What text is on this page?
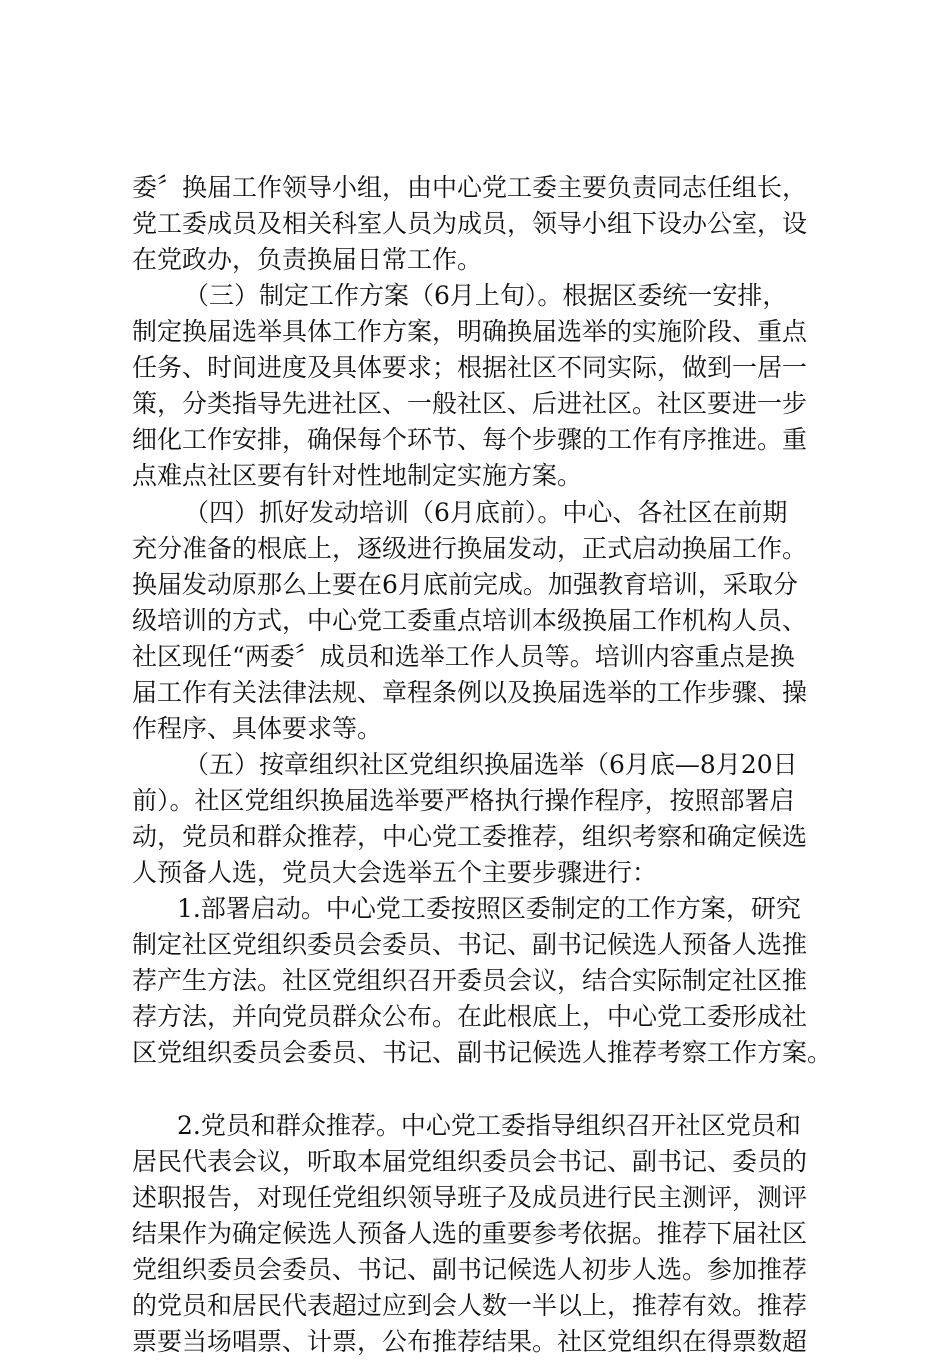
委〞换届工作领导小组，由中心党工委主要负责同志任组长，
党工委成员及相关科室人员为成员，领导小组下设办公室，设
在党政办，负责换届日常工作。
（三）制定工作方案（6月上旬）。根据区委统一安排，
制定换届选举具体工作方案，明确换届选举的实施阶段、重点
任务、时间进度及具体要求；根据社区不同实际，做到一居一
策，分类指导先进社区、一般社区、后进社区。社区要进一步
细化工作安排，确保每个环节、每个步骤的工作有序推进。重
点难点社区要有针对性地制定实施方案。
（四）抓好发动培训（6月底前）。中心、各社区在前期
充分准备的根底上，逐级进行换届发动，正式启动换届工作。
换届发动原那么上要在6月底前完成。加强教育培训，采取分
级培训的方式，中心党工委重点培训本级换届工作机构人员、
社区现任“两委〞成员和选举工作人员等。培训内容重点是换
届工作有关法律法规、章程条例以及换届选举的工作步骤、操
作程序、具体要求等。
（五）按章组织社区党组织换届选举（6月底—8月20日
前）。社区党组织换届选举要严格执行操作程序，按照部署启
动，党员和群众推荐，中心党工委推荐，组织考察和确定候选
人预备人选，党员大会选举五个主要步骤进行：
1.部署启动。中心党工委按照区委制定的工作方案，研究
制定社区党组织委员会委员、书记、副书记候选人预备人选推
荐产生方法。社区党组织召开委员会议，结合实际制定社区推
荐方法，并向党员群众公布。在此根底上，中心党工委形成社
区党组织委员会委员、书记、副书记候选人推荐考察工作方案。
2.党员和群众推荐。中心党工委指导组织召开社区党员和
居民代表会议，听取本届党组织委员会书记、副书记、委员的
述职报告，对现任党组织领导班子及成员进行民主测评，测评
结果作为确定候选人预备人选的重要参考依据。推荐下届社区
党组织委员会委员、书记、副书记候选人初步人选。参加推荐
的党员和居民代表超过应到会人数一半以上，推荐有效。推荐
票要当场唱票、计票，公布推荐结果。社区党组织在得票数超
